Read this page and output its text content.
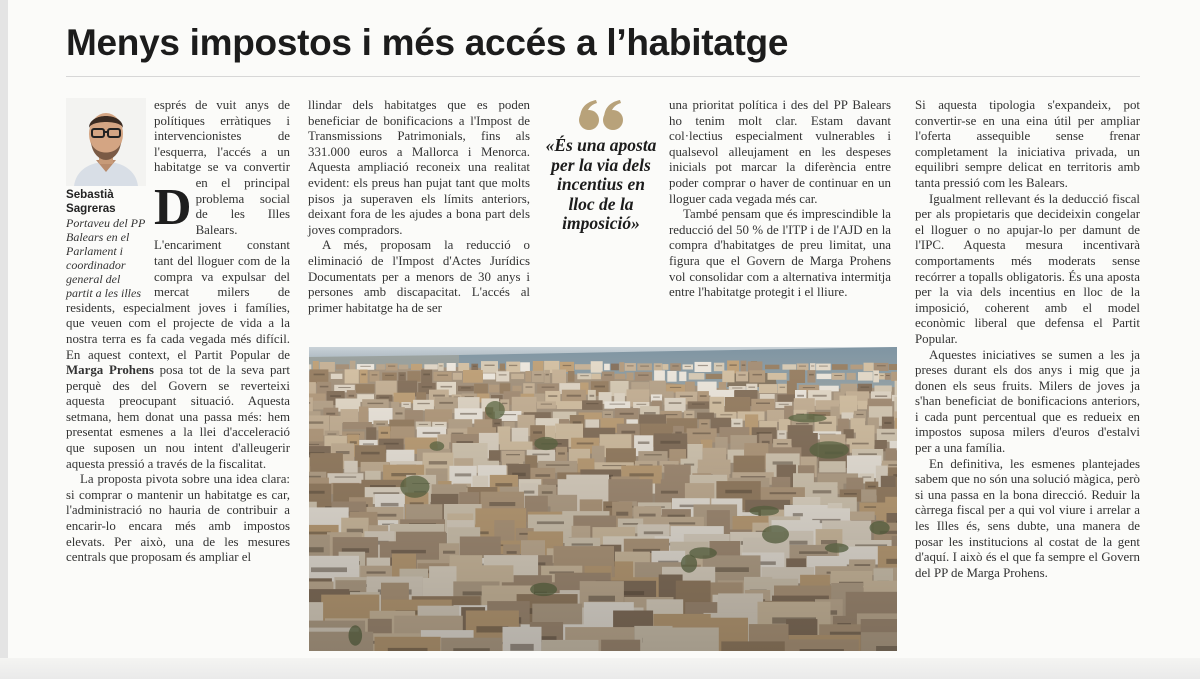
Menys impostos i més accés a l’habitatge
Sebastià
Sagreras
Portaveu del PP Balears en el Parlament i coordinador general del partit a les illes

D
esprés de vuit anys de polítiques erràtiques i intervencionistes de l'esquerra, l'accés a un habitatge se va convertir en el principal problema social de les Illes Balears. L'encariment constant tant del lloguer com de la compra va expulsar del mercat milers de residents, especialment joves i famílies, que veuen com el projecte de vida a la nostra terra es fa cada vegada més difícil. En aquest context, el Partit Popular de Marga Prohens posa tot de la seva part perquè des del Govern se reverteixi aquesta preocupant situació. Aquesta setmana, hem donat una passa més: hem presentat esmenes a la llei d'acceleració que suposen un nou intent d'alleugerir aquesta pressió a través de la fiscalitat.

La proposta pivota sobre una idea clara: si comprar o mantenir un habitatge es car, l'administració no hauria de contribuir a encarir-lo encara més amb impostos elevats. Per això, una de les mesures centrals que proposam és ampliar el

llindar dels habitatges que es poden beneficiar de bonificacions a l'Impost de Transmissions Patrimonials, fins als 331.000 euros a Mallorca i Menorca. Aquesta ampliació reconeix una realitat evident: els preus han pujat tant que molts pisos ja superaven els límits anteriors, deixant fora de les ajudes a bona part dels joves compradors.

A més, proposam la reducció o eliminació de l'Impost d'Actes Jurídics Documentats per a menors de 30 anys i persones amb discapacitat. L'accés al primer habitatge ha de ser

«És una aposta per la via dels incentius en lloc de la imposició»

una prioritat política i des del PP Balears ho tenim molt clar. Estam davant col·lectius especialment vulnerables i qualsevol alleujament en les despeses inicials pot marcar la diferència entre poder comprar o haver de continuar en un lloguer cada vegada més car.

També pensam que és imprescindible la reducció del 50 % de l'ITP i de l'AJD en la compra d'habitatges de preu limitat, una figura que el Govern de Marga Prohens vol consolidar com a alternativa intermitja entre l'habitatge protegit i el lliure.

Si aquesta tipologia s'expandeix, pot convertir-se en una eina útil per ampliar l'oferta assequible sense frenar completament la iniciativa privada, un equilibri sempre delicat en territoris amb tanta pressió com les Balears.

Igualment rellevant és la deducció fiscal per als propietaris que decideixin congelar el lloguer o no apujar-lo per damunt de l'IPC. Aquesta mesura incentivarà comportaments més moderats sense recórrer a topalls obligatoris. És una aposta per la via dels incentius en lloc de la imposició, coherent amb el model econòmic liberal que defensa el Partit Popular.

Aquestes iniciatives se sumen a les ja preses durant els dos anys i mig que ja donen els seus fruits. Milers de joves ja s'han beneficiat de bonificacions anteriors, i cada punt percentual que es redueix en impostos suposa milers d'euros d'estalvi per a una família.

En definitiva, les esmenes plantejades sabem que no són una solució màgica, però si una passa en la bona direcció. Reduir la càrrega fiscal per a qui vol viure i arrelar a les Illes és, sens dubte, una manera de posar les institucions al costat de la gent d'aquí. I això és el que fa sempre el Govern del PP de Marga Prohens.
